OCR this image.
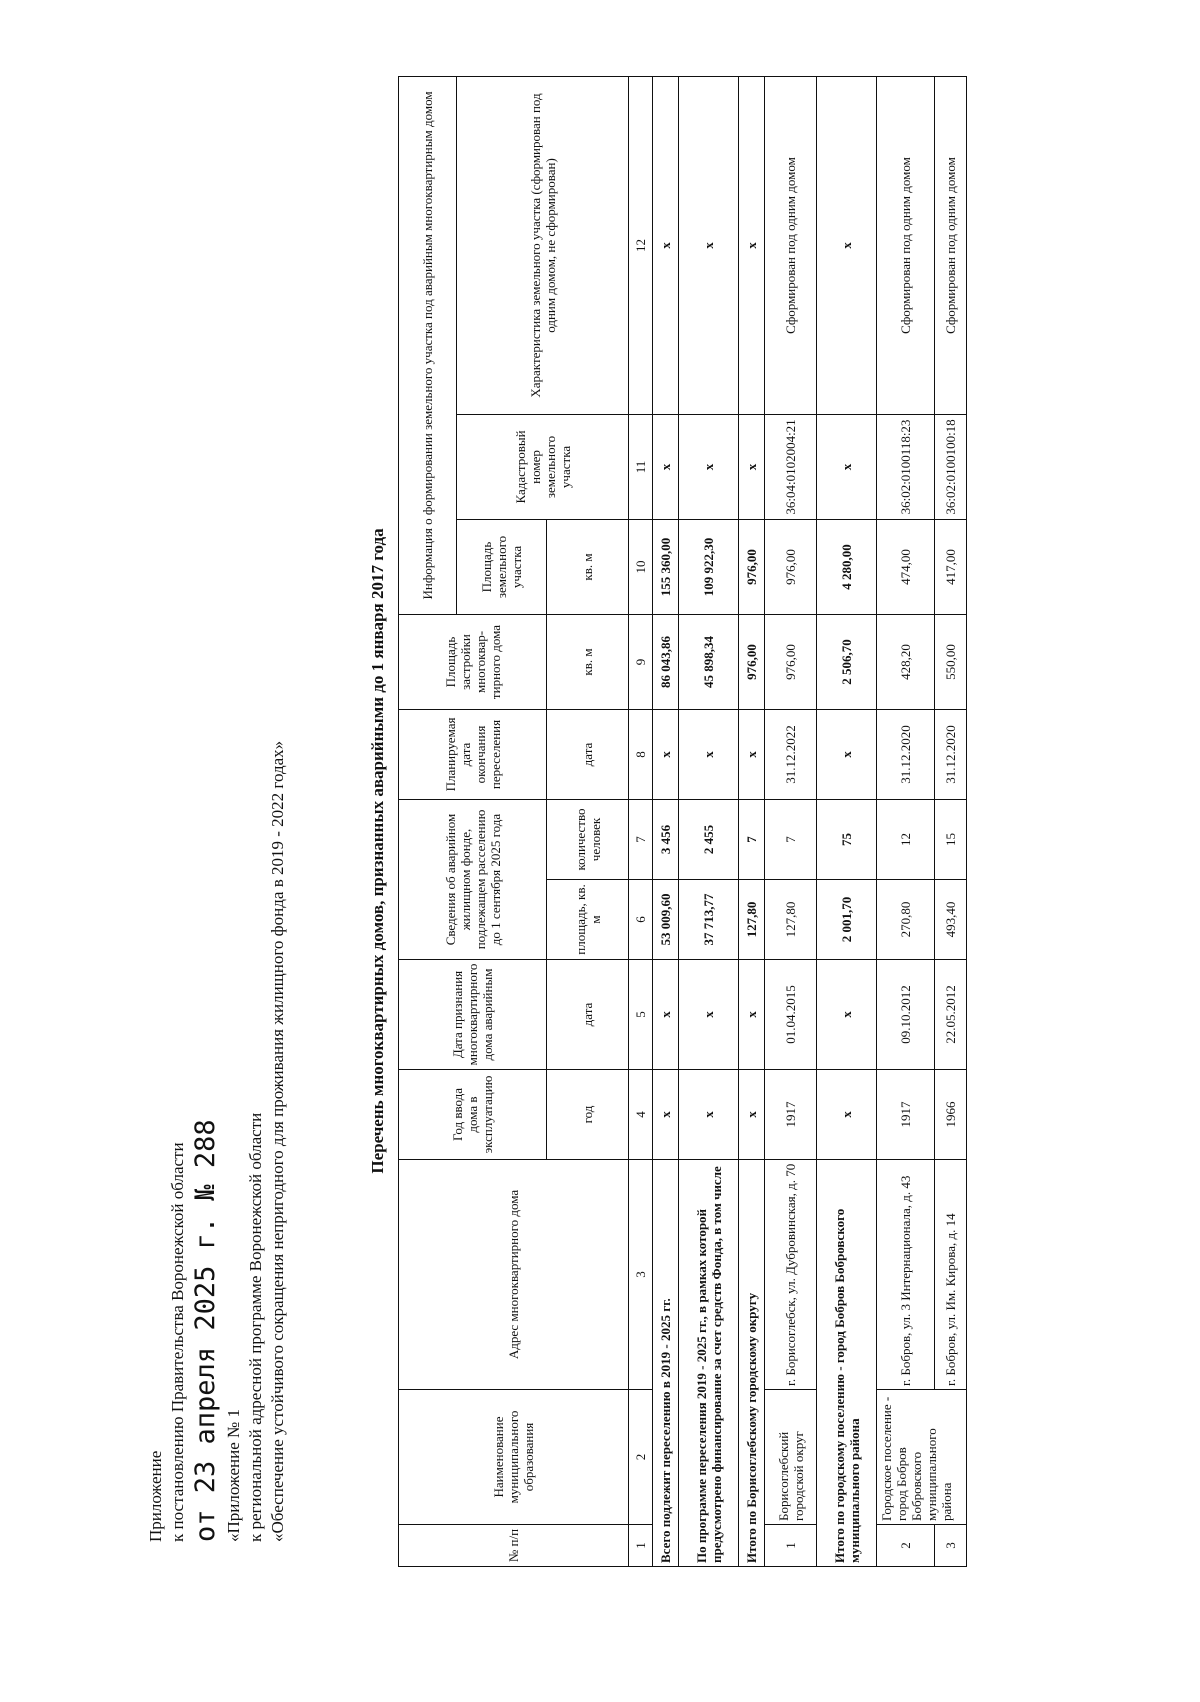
Приложение к постановлению Правительства Воронежской области от 23 апреля 2025 г. № 288 «Приложение № 1 к региональной адресной программе Воронежской области «Обеспечение устойчивого сокращения непригодного для проживания жилищного фонда в 2019 - 2022 годах»	Перечень многоквартирных домов, признанных аварийными до 1 января 2017 года
№ п/п	Наименование муниципального образования	Адрес многоквартирного дома	Год ввода дома в эксплуатацию	Дата признания многоквартирного дома аварийным	Сведения об аварийном жилищном фонде, подлежащем расселению до 1 сентября 2025 года		Планируемая дата окончания переселения	Площадь застройки многоквар-тирного дома	Информация о формировании земельного участка под аварийным многоквартирным домом		
									Площадь земельного участка	Кадастровый номер земельного участка	Характеристика земельного участка (сформирован под одним домом, не сформирован)
			год	дата	площадь, кв. м	количество человек	дата	кв. м	кв. м		
1	2	3	4	5	6	7	8	9	10	11	12
Всего подлежит переселению в 2019 - 2025 гг.			х	х	53 009,60	3 456	х	86 043,86	155 360,00	х	х
По программе переселения 2019 - 2025 гг., в рамках которой предусмотрено финансирование за счет средств Фонда, в том числе			х	х	37 713,77	2 455	х	45 898,34	109 922,30	х	х
Итого по Борисоглебскому городскому округу			х	х	127,80	7	х	976,00	976,00	х	х
1	Борисоглебский городской округ	г. Борисоглебск, ул. Дубровинская, д. 70	1917	01.04.2015	127,80	7	31.12.2022	976,00	976,00	36:04:0102004:21	Сформирован под одним домом
Итого по городскому поселению - город Бобров Бобровского муниципального района			х	х	2 001,70	75	х	2 506,70	4 280,00	х	х
2	Городское поселение - город Бобров Бобровского муниципального района	г. Бобров, ул. 3 Интернационала, д. 43	1917	09.10.2012	270,80	12	31.12.2020	428,20	474,00	36:02:0100118:23	Сформирован под одним домом
3		г. Бобров, ул. Им. Кирова, д. 14	1966	22.05.2012	493,40	15	31.12.2020	550,00	417,00	36:02:0100100:18	Сформирован под одним домом
